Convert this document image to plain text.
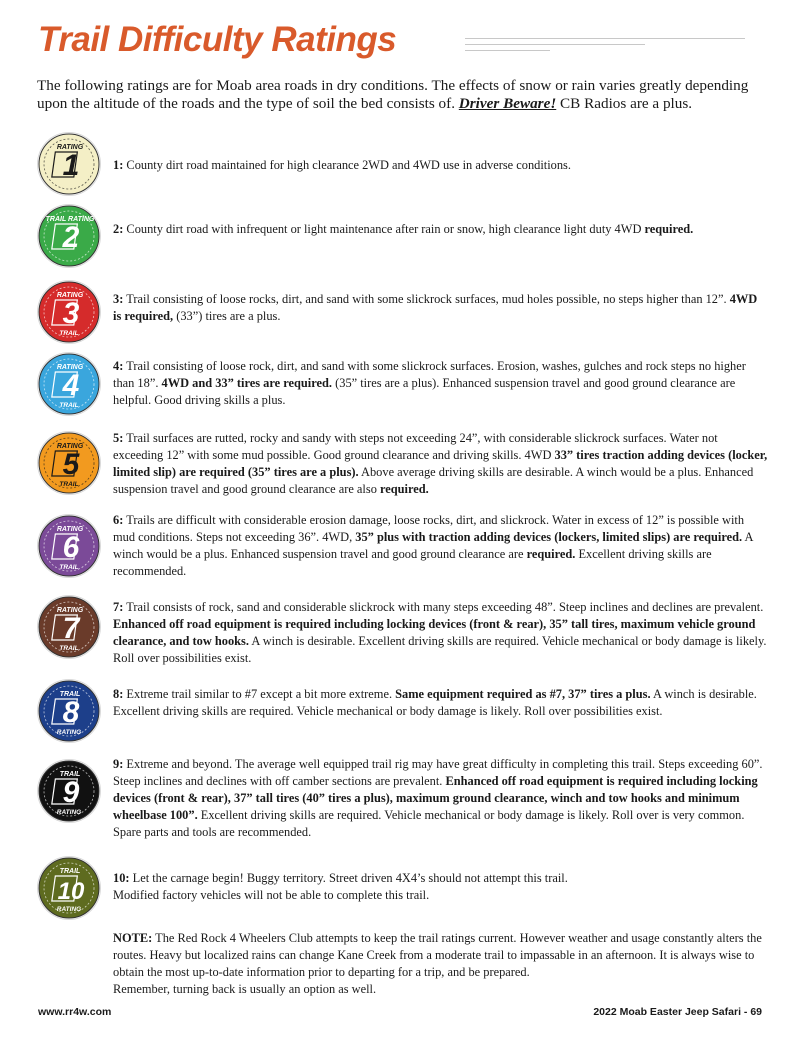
Trail Difficulty Ratings
The following ratings are for Moab area roads in dry conditions. The effects of snow or rain varies greatly depending upon the altitude of the roads and the type of soil the bed consists of. Driver Beware! CB Radios are a plus.
1
RATING
2
TRAIL RATING
3
RATING
TRAIL
4
RATING
TRAIL
5
RATING
TRAIL
6
RATING
TRAIL
7
RATING
TRAIL
8
TRAIL
RATING
9
TRAIL
RATING
10
TRAIL
RATING
1: County dirt road maintained for high clearance 2WD and 4WD use in adverse conditions.
2: County dirt road with infrequent or light maintenance after rain or snow, high clearance light duty 4WD required.
3: Trail consisting of loose rocks, dirt, and sand with some slickrock surfaces, mud holes possible, no steps higher than 12”. 4WD is required, (33”) tires are a plus.
4: Trail consisting of loose rock, dirt, and sand with some slickrock surfaces. Erosion, washes, gulches and rock steps no higher than 18”. 4WD and 33” tires are required. (35” tires are a plus). Enhanced suspension travel and good ground clearance are helpful. Good driving skills a plus.
5: Trail surfaces are rutted, rocky and sandy with steps not exceeding 24”, with considerable slickrock surfaces. Water not exceeding 12” with some mud possible. Good ground clearance and driving skills. 4WD 33” tires traction adding devices (locker, limited slip) are required (35” tires are a plus). Above average driving skills are desirable. A winch would be a plus. Enhanced suspension travel and good ground clearance are also required.
6: Trails are difficult with considerable erosion damage, loose rocks, dirt, and slickrock. Water in excess of 12” is possible with mud conditions. Steps not exceeding 36”. 4WD, 35” plus with traction adding devices (lockers, limited slips) are required. A winch would be a plus. Enhanced suspension travel and good ground clearance are required. Excellent driving skills are recommended.
7: Trail consists of rock, sand and considerable slickrock with many steps exceeding 48”. Steep inclines and declines are prevalent. Enhanced off road equipment is required including locking devices (front & rear), 35” tall tires, maximum vehicle ground clearance, and tow hooks. A winch is desirable. Excellent driving skills are required. Vehicle mechanical or body damage is likely. Roll over possibilities exist.
8: Extreme trail similar to #7 except a bit more extreme. Same equipment required as #7, 37” tires a plus. A winch is desirable. Excellent driving skills are required. Vehicle mechanical or body damage is likely. Roll over possibilities exist.
9: Extreme and beyond. The average well equipped trail rig may have great difficulty in completing this trail. Steps exceeding 60”. Steep inclines and declines with off camber sections are prevalent. Enhanced off road equipment is required including locking devices (front & rear), 37” tall tires (40” tires a plus), maximum ground clearance, winch and tow hooks and minimum wheelbase 100”. Excellent driving skills are required. Vehicle mechanical or body damage is likely. Roll over is very common. Spare parts and tools are recommended.
10: Let the carnage begin! Buggy territory. Street driven 4X4’s should not attempt this trail.
Modified factory vehicles will not be able to complete this trail.
NOTE: The Red Rock 4 Wheelers Club attempts to keep the trail ratings current. However weather and usage constantly alters the routes. Heavy but localized rains can change Kane Creek from a moderate trail to impassable in an afternoon. It is always wise to obtain the most up-to-date information prior to departing for a trip, and be prepared.
Remember, turning back is usually an option as well.
www.rr4w.com	2022 Moab Easter Jeep Safari - 69
